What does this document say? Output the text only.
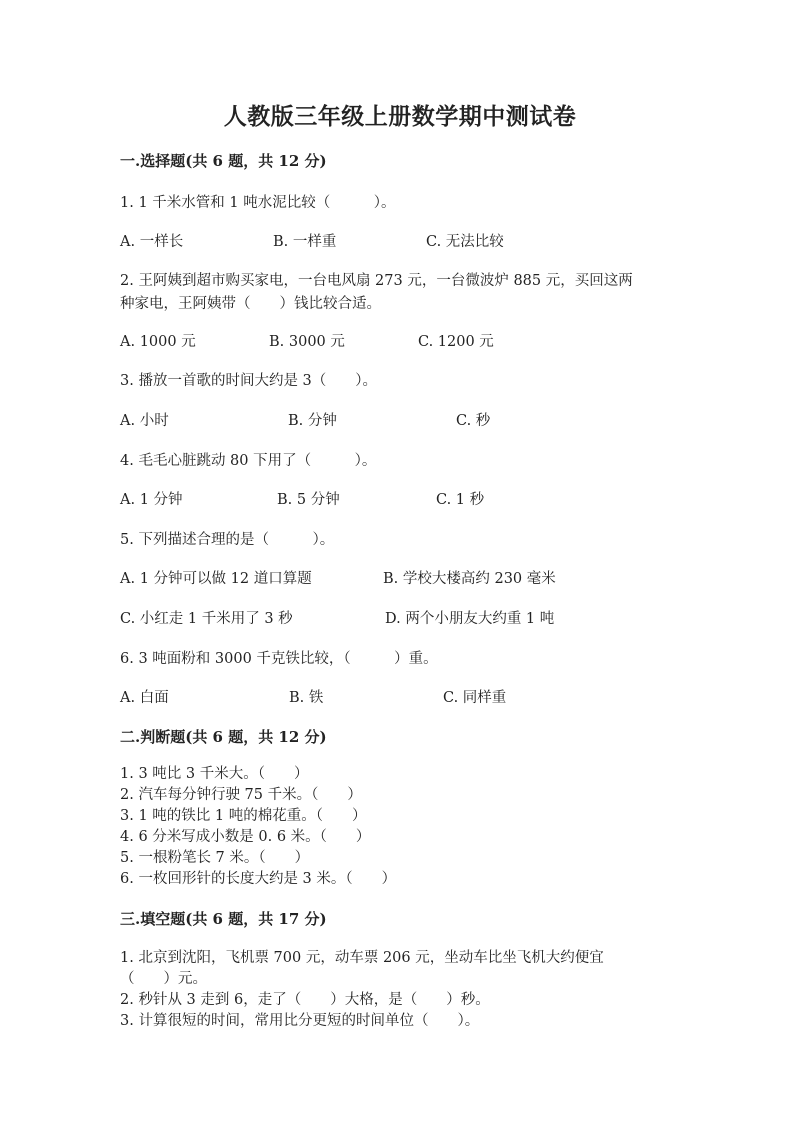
人教版三年级上册数学期中测试卷
一.选择题(共 6 题，共 12 分)
1. 1 千米水管和 1 吨水泥比较（　　　）。
A. 一样长	B. 一样重	C. 无法比较
2. 王阿姨到超市购买家电，一台电风扇 273 元，一台微波炉 885 元，买回这两
种家电，王阿姨带（　　）钱比较合适。
A. 1000 元	B. 3000 元	C. 1200 元
3. 播放一首歌的时间大约是 3（　　）。
A. 小时	B. 分钟	C. 秒
4. 毛毛心脏跳动 80 下用了（　　　）。
A. 1 分钟	B. 5 分钟	C. 1 秒
5. 下列描述合理的是（　　　）。
A. 1 分钟可以做 12 道口算题	B. 学校大楼高约 230 毫米
C. 小红走 1 千米用了 3 秒	D. 两个小朋友大约重 1 吨
6. 3 吨面粉和 3000 千克铁比较，（　　　）重。
A. 白面	B. 铁	C. 同样重
二.判断题(共 6 题，共 12 分)
1. 3 吨比 3 千米大。（　　）
2. 汽车每分钟行驶 75 千米。（　　）
3. 1 吨的铁比 1 吨的棉花重。（　　）
4. 6 分米写成小数是 0. 6 米。（　　）
5. 一根粉笔长 7 米。（　　）
6. 一枚回形针的长度大约是 3 米。（　　）
三.填空题(共 6 题，共 17 分)
1. 北京到沈阳，飞机票 700 元，动车票 206 元，坐动车比坐飞机大约便宜
（　　）元。
2. 秒针从 3 走到 6，走了（　　）大格，是（　　）秒。
3. 计算很短的时间，常用比分更短的时间单位（　　）。
